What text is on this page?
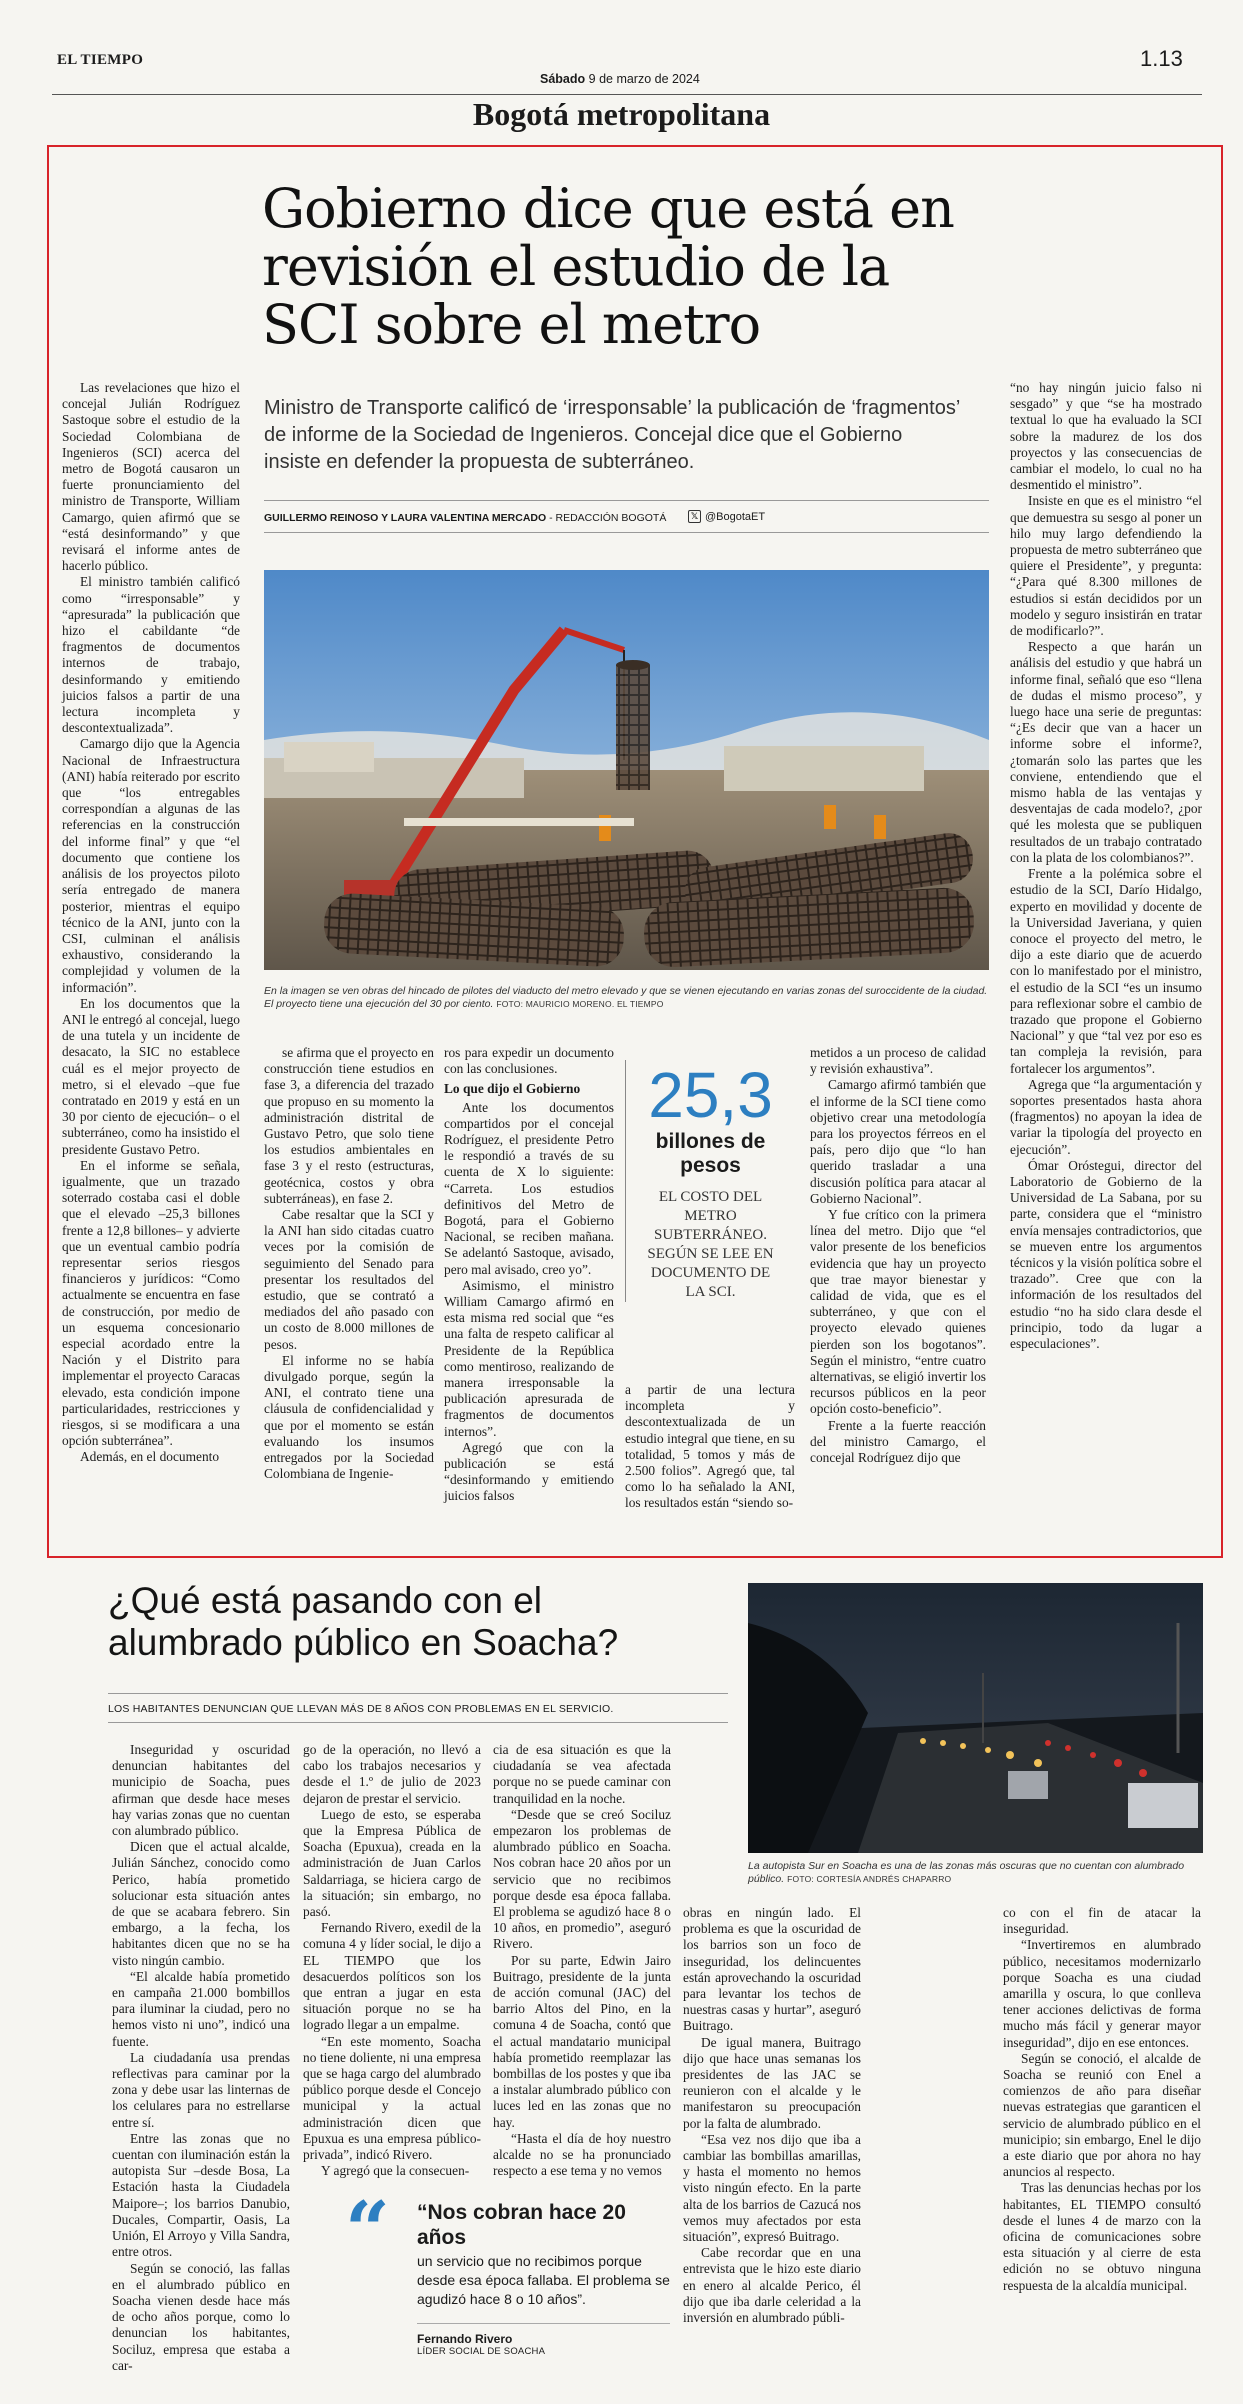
EL TIEMPO
Sábado 9 de marzo de 2024
1.13
Bogotá metropolitana
Gobierno dice que está en revisión el estudio de la SCI sobre el metro
Ministro de Transporte calificó de ‘irresponsable’ la publicación de ‘fragmentos’ de informe de la Sociedad de Ingenieros. Concejal dice que el Gobierno insiste en defender la propuesta de subterráneo.
GUILLERMO REINOSO Y LAURA VALENTINA MERCADO - REDACCIÓN BOGOTÁ	𝕏 @BogotaET
En la imagen se ven obras del hincado de pilotes del viaducto del metro elevado y que se vienen ejecutando en varias zonas del suroccidente de la ciudad. El proyecto tiene una ejecución del 30 por ciento. FOTO: MAURICIO MORENO. EL TIEMPO

Las revelaciones que hizo el concejal Julián Rodríguez Sastoque sobre el estudio de la Sociedad Colombiana de Ingenieros (SCI) acerca del metro de Bogotá causaron un fuerte pronunciamiento del ministro de Transporte, William Camargo, quien afirmó que se “está desinformando” y que revisará el informe antes de hacerlo público.

El ministro también calificó como “irresponsable” y “apresurada” la publicación que hizo el cabildante “de fragmentos de documentos internos de trabajo, desinformando y emitiendo juicios falsos a partir de una lectura incompleta y descontextualizada”.

Camargo dijo que la Agencia Nacional de Infraestructura (ANI) había reiterado por escrito que “los entregables correspondían a algunas de las referencias en la construcción del informe final” y que “el documento que contiene los análisis de los proyectos piloto sería entregado de manera posterior, mientras el equipo técnico de la ANI, junto con la CSI, culminan el análisis exhaustivo, considerando la complejidad y volumen de la información”.

En los documentos que la ANI le entregó al concejal, luego de una tutela y un incidente de desacato, la SIC no establece cuál es el mejor proyecto de metro, si el elevado –que fue contratado en 2019 y está en un 30 por ciento de ejecución– o el subterráneo, como ha insistido el presidente Gustavo Petro.

En el informe se señala, igualmente, que un trazado soterrado costaba casi el doble que el elevado –25,3 billones frente a 12,8 billones– y advierte que un eventual cambio podría representar serios riesgos financieros y jurídicos: “Como actualmente se encuentra en fase de construcción, por medio de un esquema concesionario especial acordado entre la Nación y el Distrito para implementar el proyecto Caracas elevado, esta condición impone particularidades, restricciones y riesgos, si se modificara a una opción subterránea”.

Además, en el documento

se afirma que el proyecto en construcción tiene estudios en fase 3, a diferencia del trazado que propuso en su momento la administración distrital de Gustavo Petro, que solo tiene los estudios ambientales en fase 3 y el resto (estructuras, geotécnica, costos y obra subterráneas), en fase 2.

Cabe resaltar que la SCI y la ANI han sido citadas cuatro veces por la comisión de seguimiento del Senado para presentar los resultados del estudio, que se contrató a mediados del año pasado con un costo de 8.000 millones de pesos.

El informe no se había divulgado porque, según la ANI, el contrato tiene una cláusula de confidencialidad y que por el momento se están evaluando los insumos entregados por la Sociedad Colombiana de Ingenie-

ros para expedir un documento con las conclusiones.

Lo que dijo el Gobierno

Ante los documentos compartidos por el concejal Rodríguez, el presidente Petro le respondió a través de su cuenta de X lo siguiente: “Carreta. Los estudios definitivos del Metro de Bogotá, para el Gobierno Nacional, se reciben mañana. Se adelantó Sastoque, avisado, pero mal avisado, creo yo”.

Asimismo, el ministro William Camargo afirmó en esta misma red social que “es una falta de respeto calificar al Presidente de la República como mentiroso, realizando de manera irresponsable la publicación apresurada de fragmentos de documentos internos”.

Agregó que con la publicación se está “desinformando y emitiendo juicios falsos

25,3
billones de pesos
EL COSTO DEL METRO SUBTERRÁNEO. SEGÚN SE LEE EN DOCUMENTO DE LA SCI.

a partir de una lectura incompleta y descontextualizada de un estudio integral que tiene, en su totalidad, 5 tomos y más de 2.500 folios”. Agregó que, tal como lo ha señalado la ANI, los resultados están “siendo so-

metidos a un proceso de calidad y revisión exhaustiva”.

Camargo afirmó también que el informe de la SCI tiene como objetivo crear una metodología para los proyectos férreos en el país, pero dijo que “lo han querido trasladar a una discusión política para atacar al Gobierno Nacional”.

Y fue crítico con la primera línea del metro. Dijo que “el valor presente de los beneficios evidencia que hay un proyecto que trae mayor bienestar y calidad de vida, que es el subterráneo, y que con el proyecto elevado quienes pierden son los bogotanos”. Según el ministro, “entre cuatro alternativas, se eligió invertir los recursos públicos en la peor opción costo-beneficio”.

Frente a la fuerte reacción del ministro Camargo, el concejal Rodríguez dijo que

“no hay ningún juicio falso ni sesgado” y que “se ha mostrado textual lo que ha evaluado la SCI sobre la madurez de los dos proyectos y las consecuencias de cambiar el modelo, lo cual no ha desmentido el ministro”.

Insiste en que es el ministro “el que demuestra su sesgo al poner un hilo muy largo defendiendo la propuesta de metro subterráneo que quiere el Presidente”, y pregunta: “¿Para qué 8.300 millones de estudios si están decididos por un modelo y seguro insistirán en tratar de modificarlo?”.

Respecto a que harán un análisis del estudio y que habrá un informe final, señaló que eso “llena de dudas el mismo proceso”, y luego hace una serie de preguntas: “¿Es decir que van a hacer un informe sobre el informe?, ¿tomarán solo las partes que les conviene, entendiendo que el mismo habla de las ventajas y desventajas de cada modelo?, ¿por qué les molesta que se publiquen resultados de un trabajo contratado con la plata de los colombianos?”.

Frente a la polémica sobre el estudio de la SCI, Darío Hidalgo, experto en movilidad y docente de la Universidad Javeriana, y quien conoce el proyecto del metro, le dijo a este diario que de acuerdo con lo manifestado por el ministro, el estudio de la SCI “es un insumo para reflexionar sobre el cambio de trazado que propone el Gobierno Nacional” y que “tal vez por eso es tan compleja la revisión, para fortalecer los argumentos”.

Agrega que “la argumentación y soportes presentados hasta ahora (fragmentos) no apoyan la idea de variar la tipología del proyecto en ejecución”.

Ómar Oróstegui, director del Laboratorio de Gobierno de la Universidad de La Sabana, por su parte, considera que el “ministro envía mensajes contradictorios, que se mueven entre los argumentos técnicos y la visión política sobre el trazado”. Cree que con la información de los resultados del estudio “no ha sido clara desde el principio, todo da lugar a especulaciones”.

¿Qué está pasando con el alumbrado público en Soacha?
La autopista Sur en Soacha es una de las zonas más oscuras que no cuentan con alumbrado público. FOTO: CORTESÍA ANDRÉS CHAPARRO
LOS HABITANTES DENUNCIAN QUE LLEVAN MÁS DE 8 AÑOS CON PROBLEMAS EN EL SERVICIO.

Inseguridad y oscuridad denuncian habitantes del municipio de Soacha, pues afirman que desde hace meses hay varias zonas que no cuentan con alumbrado público.

Dicen que el actual alcalde, Julián Sánchez, conocido como Perico, había prometido solucionar esta situación antes de que se acabara febrero. Sin embargo, a la fecha, los habitantes dicen que no se ha visto ningún cambio.

“El alcalde había prometido en campaña 21.000 bombillos para iluminar la ciudad, pero no hemos visto ni uno”, indicó una fuente.

La ciudadanía usa prendas reflectivas para caminar por la zona y debe usar las linternas de los celulares para no estrellarse entre sí.

Entre las zonas que no cuentan con iluminación están la autopista Sur –desde Bosa, La Estación hasta la Ciudadela Maipore–; los barrios Danubio, Ducales, Compartir, Oasis, La Unión, El Arroyo y Villa Sandra, entre otros.

Según se conoció, las fallas en el alumbrado público en Soacha vienen desde hace más de ocho años porque, como lo denuncian los habitantes, Sociluz, empresa que estaba a car-

go de la operación, no llevó a cabo los trabajos necesarios y desde el 1.º de julio de 2023 dejaron de prestar el servicio.

Luego de esto, se esperaba que la Empresa Pública de Soacha (Epuxua), creada en la administración de Juan Carlos Saldarriaga, se hiciera cargo de la situación; sin embargo, no pasó.

Fernando Rivero, exedil de la comuna 4 y líder social, le dijo a EL TIEMPO que los desacuerdos políticos son los que entran a jugar en esta situación porque no se ha logrado llegar a un empalme.

“En este momento, Soacha no tiene doliente, ni una empresa que se haga cargo del alumbrado público porque desde el Concejo municipal y la actual administración dicen que Epuxua es una empresa público-privada”, indicó Rivero.

Y agregó que la consecuen-

cia de esa situación es que la ciudadanía se vea afectada porque no se puede caminar con tranquilidad en la noche.

“Desde que se creó Sociluz empezaron los problemas de alumbrado público en Soacha. Nos cobran hace 20 años por un servicio que no recibimos porque desde esa época fallaba. El problema se agudizó hace 8 o 10 años, en promedio”, aseguró Rivero.

Por su parte, Edwin Jairo Buitrago, presidente de la junta de acción comunal (JAC) del barrio Altos del Pino, en la comuna 4 de Soacha, contó que el actual mandatario municipal había prometido reemplazar las bombillas de los postes y que iba a instalar alumbrado público con luces led en las zonas que no hay.

“Hasta el día de hoy nuestro alcalde no se ha pronunciado respecto a ese tema y no vemos

obras en ningún lado. El problema es que la oscuridad de los barrios son un foco de inseguridad, los delincuentes están aprovechando la oscuridad para levantar los techos de nuestras casas y hurtar”, aseguró Buitrago.

De igual manera, Buitrago dijo que hace unas semanas los presidentes de las JAC se reunieron con el alcalde y le manifestaron su preocupación por la falta de alumbrado.

“Esa vez nos dijo que iba a cambiar las bombillas amarillas, y hasta el momento no hemos visto ningún efecto. En la parte alta de los barrios de Cazucá nos vemos muy afectados por esta situación”, expresó Buitrago.

Cabe recordar que en una entrevista que le hizo este diario en enero al alcalde Perico, él dijo que iba darle celeridad a la inversión en alumbrado públi-

co con el fin de atacar la inseguridad.

“Invertiremos en alumbrado público, necesitamos modernizarlo porque Soacha es una ciudad amarilla y oscura, lo que conlleva tener acciones delictivas de forma mucho más fácil y generar mayor inseguridad”, dijo en ese entonces.

Según se conoció, el alcalde de Soacha se reunió con Enel a comienzos de año para diseñar nuevas estrategias que garanticen el servicio de alumbrado público en el municipio; sin embargo, Enel le dijo a este diario que por ahora no hay anuncios al respecto.

Tras las denuncias hechas por los habitantes, EL TIEMPO consultó desde el lunes 4 de marzo con la oficina de comunicaciones sobre esta situación y al cierre de esta edición no se obtuvo ninguna respuesta de la alcaldía municipal.

“ “Nos cobran hace 20 años
un servicio que no recibimos porque desde esa época fallaba. El problema se agudizó hace 8 o 10 años”.
Fernando Rivero
LÍDER SOCIAL DE SOACHA
